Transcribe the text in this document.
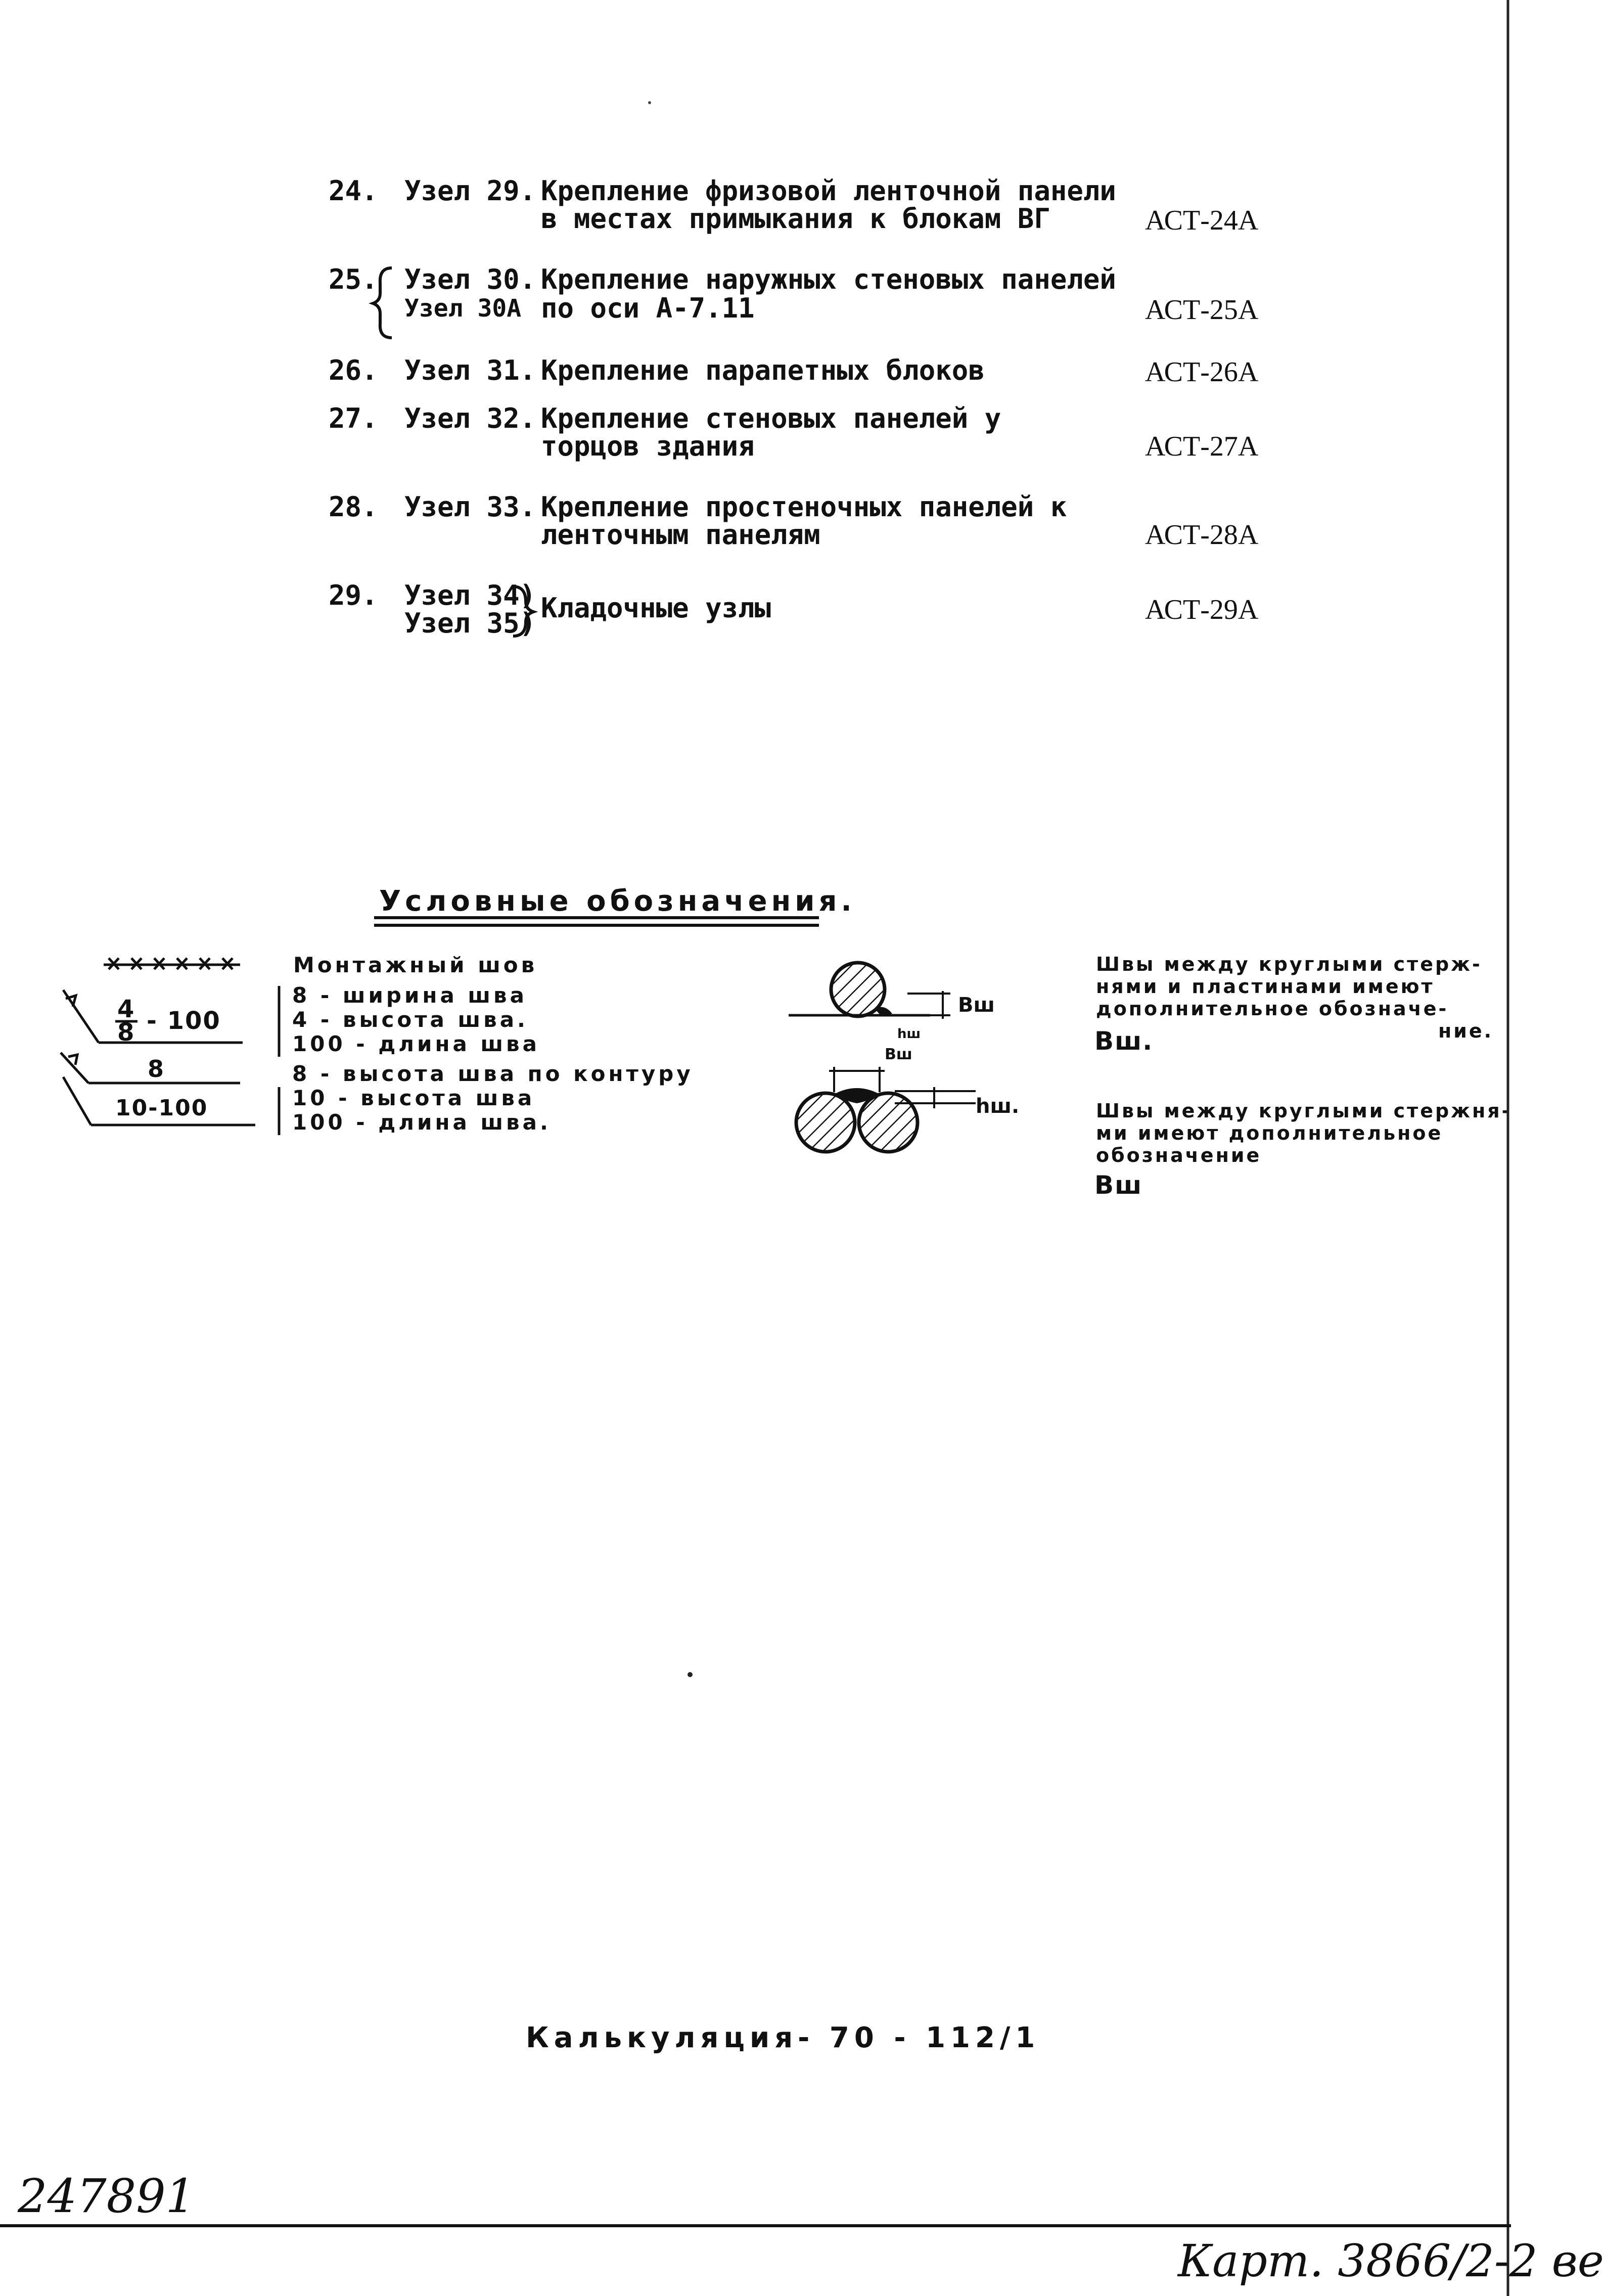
24. Узел 29. Крепление фризовой ленточной панели
в местах примыкания к блокам ВГ	АСТ-24А
25. Узел 30.
Узел 30А
Крепление наружных стеновых панелей
по оси А-7.11	АСТ-25А
26. Узел 31. Крепление парапетных блоков	АСТ-26А
27. Узел 32. Крепление стеновых панелей у
торцов здания	АСТ-27А
28. Узел 33. Крепление простеночных панелей к
ленточным панелям	АСТ-28А
29. Узел 34)
Узел 35) Кладочные узлы	АСТ-29А
Условные обозначения.
Монтажный шов
4
8 - 100
8 - ширина шва
4 - высота шва.
100 - длина шва
8
10-100
8 - высота шва по контуру
10 - высота шва
100 - длина шва.
Вш
Вш
hш
hш.
Швы между круглыми стерж-
нями и пластинами имеют
дополнительное обозначе-
ние.
Вш.
Швы между круглыми стержня-
ми имеют дополнительное
обозначение
Вш
Калькуляция- 70 - 112/1
247891
Карт. 3866/2-2 ве
